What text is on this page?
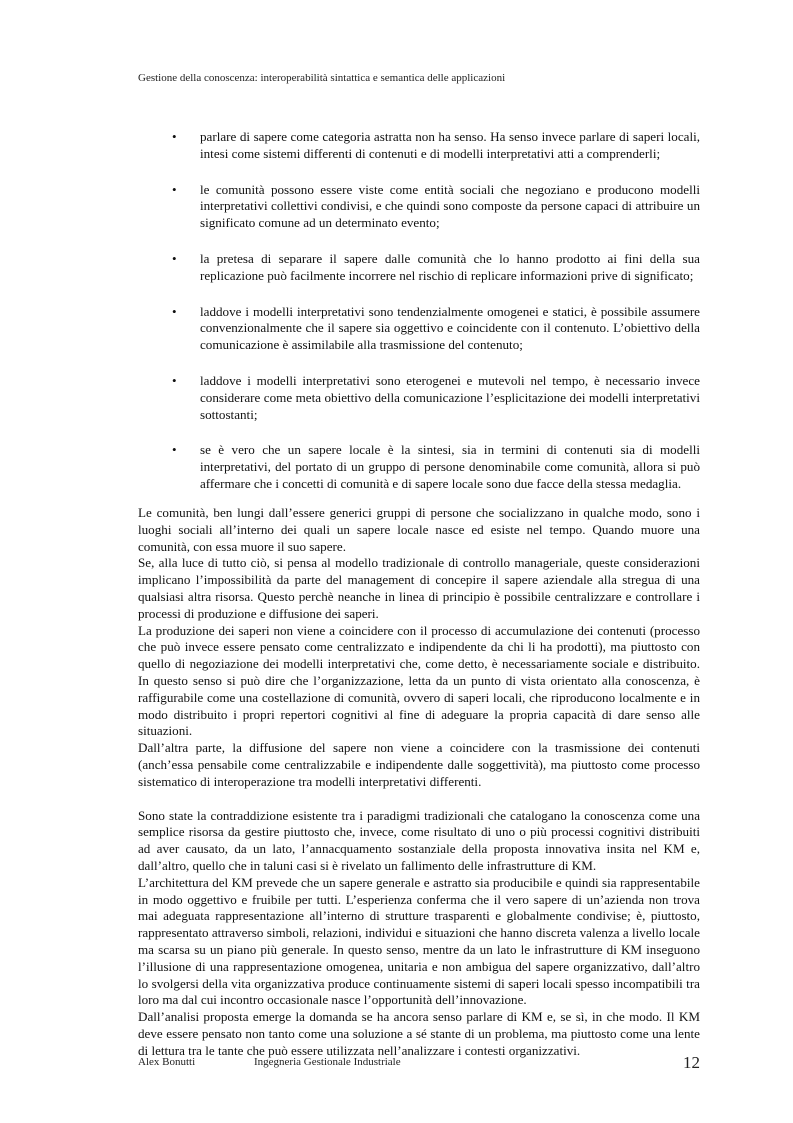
Gestione della conoscenza: interoperabilità sintattica e semantica delle applicazioni
• parlare di sapere come categoria astratta non ha senso. Ha senso invece parlare di saperi locali, intesi come sistemi differenti di contenuti e di modelli interpretativi atti a comprenderli;
• le comunità possono essere viste come entità sociali che negoziano e producono modelli interpretativi collettivi condivisi, e che quindi sono composte da persone capaci di attribuire un significato comune ad un determinato evento;
• la pretesa di separare il sapere dalle comunità che lo hanno prodotto ai fini della sua replicazione può facilmente incorrere nel rischio di replicare informazioni prive di significato;
• laddove i modelli interpretativi sono tendenzialmente omogenei e statici, è possibile assumere convenzionalmente che il sapere sia oggettivo e coincidente con il contenuto. L’obiettivo della comunicazione è assimilabile alla trasmissione del contenuto;
• laddove i modelli interpretativi sono eterogenei e mutevoli nel tempo, è necessario invece considerare come meta obiettivo della comunicazione l’esplicitazione dei modelli interpretativi sottostanti;
• se è vero che un sapere locale è la sintesi, sia in termini di contenuti sia di modelli interpretativi, del portato di un gruppo di persone denominabile come comunità, allora si può affermare che i concetti di comunità e di sapere locale sono due facce della stessa medaglia.

Le comunità, ben lungi dall’essere generici gruppi di persone che socializzano in qualche modo, sono i luoghi sociali all’interno dei quali un sapere locale nasce ed esiste nel tempo. Quando muore una comunità, con essa muore il suo sapere.

Se, alla luce di tutto ciò, si pensa al modello tradizionale di controllo manageriale, queste considerazioni implicano l’impossibilità da parte del management di concepire il sapere aziendale alla stregua di una qualsiasi altra risorsa. Questo perchè neanche in linea di principio è possibile centralizzare e controllare i processi di produzione e diffusione dei saperi.

La produzione dei saperi non viene a coincidere con il processo di accumulazione dei contenuti (processo che può invece essere pensato come centralizzato e indipendente da chi li ha prodotti), ma piuttosto con quello di negoziazione dei modelli interpretativi che, come detto, è necessariamente sociale e distribuito. In questo senso si può dire che l’organizzazione, letta da un punto di vista orientato alla conoscenza, è raffigurabile come una costellazione di comunità, ovvero di saperi locali, che riproducono localmente e in modo distribuito i propri repertori cognitivi al fine di adeguare la propria capacità di dare senso alle situazioni.

Dall’altra parte, la diffusione del sapere non viene a coincidere con la trasmissione dei contenuti (anch’essa pensabile come centralizzabile e indipendente dalle soggettività), ma piuttosto come processo sistematico di interoperazione tra modelli interpretativi differenti.

Sono state la contraddizione esistente tra i paradigmi tradizionali che catalogano la conoscenza come una semplice risorsa da gestire piuttosto che, invece, come risultato di uno o più processi cognitivi distribuiti ad aver causato, da un lato, l’annacquamento sostanziale della proposta innovativa insita nel KM e, dall’altro, quello che in taluni casi si è rivelato un fallimento delle infrastrutture di KM.

L’architettura del KM prevede che un sapere generale e astratto sia producibile e quindi sia rappresentabile in modo oggettivo e fruibile per tutti. L’esperienza conferma che il vero sapere di un’azienda non trova mai adeguata rappresentazione all’interno di strutture trasparenti e globalmente condivise; è, piuttosto, rappresentato attraverso simboli, relazioni, individui e situazioni che hanno discreta valenza a livello locale ma scarsa su un piano più generale. In questo senso, mentre da un lato le infrastrutture di KM inseguono l’illusione di una rappresentazione omogenea, unitaria e non ambigua del sapere organizzativo, dall’altro lo svolgersi della vita organizzativa produce continuamente sistemi di saperi locali spesso incompatibili tra loro ma dal cui incontro occasionale nasce l’opportunità dell’innovazione.

Dall’analisi proposta emerge la domanda se ha ancora senso parlare di KM e, se sì, in che modo. Il KM deve essere pensato non tanto come una soluzione a sé stante di un problema, ma piuttosto come una lente di lettura tra le tante che può essere utilizzata nell’analizzare i contesti organizzativi.

Alex Bonutti	Ingegneria Gestionale Industriale	12
